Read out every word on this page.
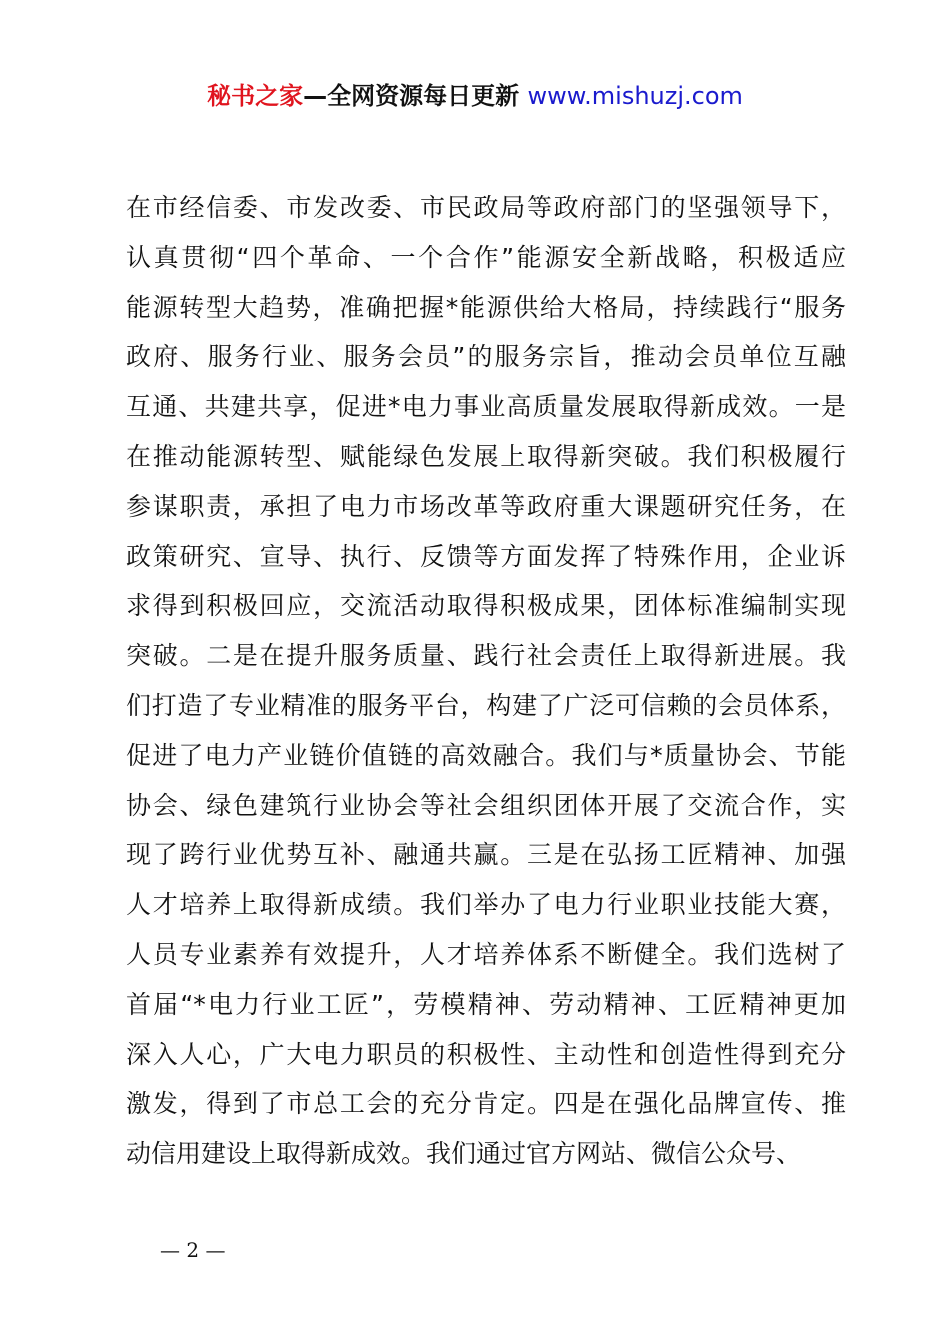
秘书之家—全网资源每日更新 www.mishuzj.com
在市经信委、市发改委、市民政局等政府部门的坚强领导下，
认真贯彻“四个革命、一个合作”能源安全新战略，积极适应
能源转型大趋势，准确把握*能源供给大格局，持续践行“服务
政府、服务行业、服务会员”的服务宗旨，推动会员单位互融
互通、共建共享，促进*电力事业高质量发展取得新成效。一是
在推动能源转型、赋能绿色发展上取得新突破。我们积极履行
参谋职责，承担了电力市场改革等政府重大课题研究任务，在
政策研究、宣导、执行、反馈等方面发挥了特殊作用，企业诉
求得到积极回应，交流活动取得积极成果，团体标准编制实现
突破。二是在提升服务质量、践行社会责任上取得新进展。我
们打造了专业精准的服务平台，构建了广泛可信赖的会员体系，
促进了电力产业链价值链的高效融合。我们与*质量协会、节能
协会、绿色建筑行业协会等社会组织团体开展了交流合作，实
现了跨行业优势互补、融通共赢。三是在弘扬工匠精神、加强
人才培养上取得新成绩。我们举办了电力行业职业技能大赛，
人员专业素养有效提升，人才培养体系不断健全。我们选树了
首届“*电力行业工匠”，劳模精神、劳动精神、工匠精神更加
深入人心，广大电力职员的积极性、主动性和创造性得到充分
激发，得到了市总工会的充分肯定。四是在强化品牌宣传、推
动信用建设上取得新成效。我们通过官方网站、微信公众号、
— 2 —
